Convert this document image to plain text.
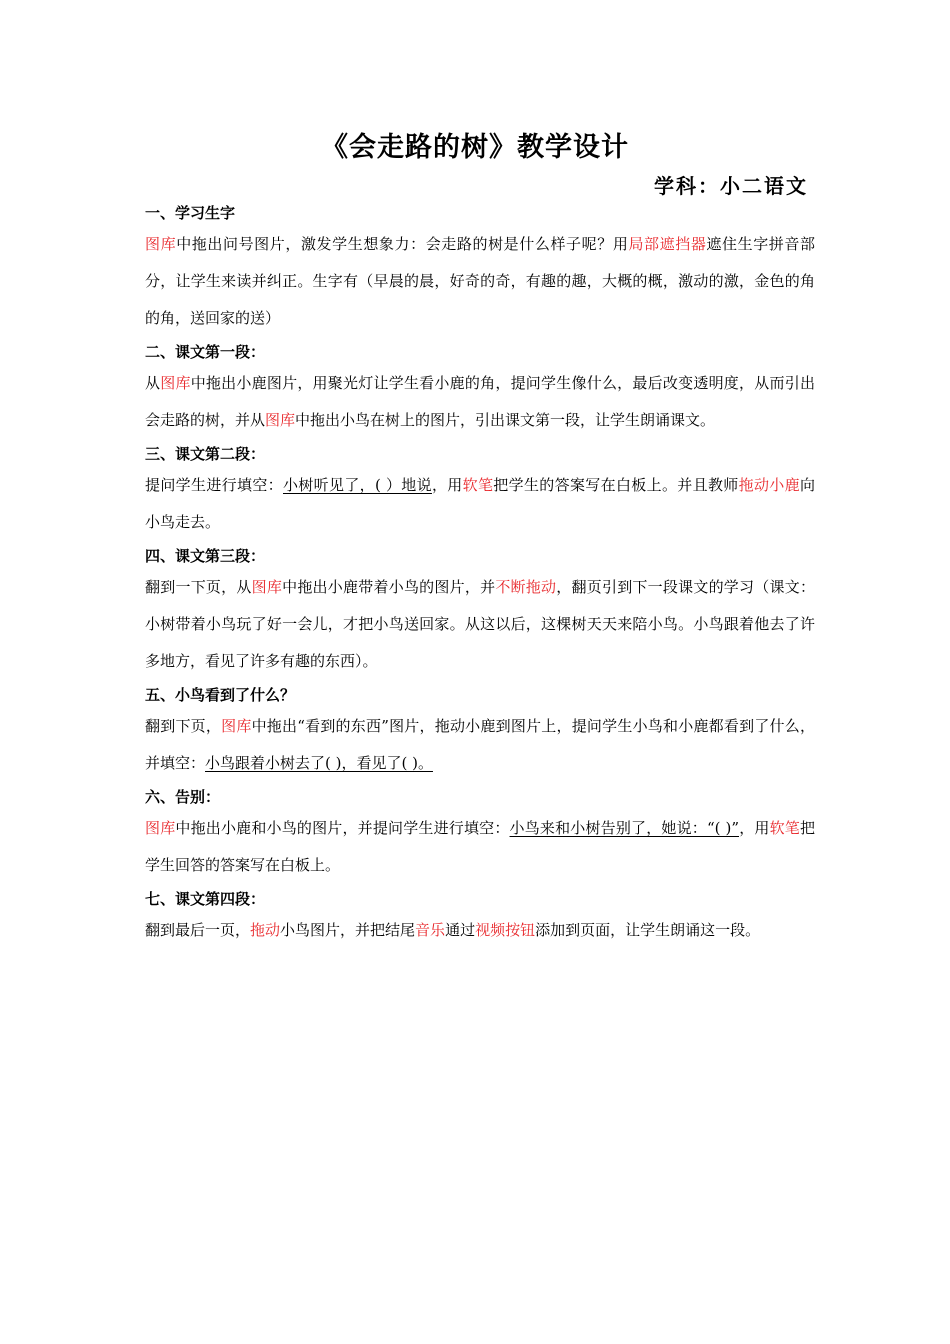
《会走路的树》教学设计
学科：小二语文

一、学习生字

图库中拖出问号图片，激发学生想象力：会走路的树是什么样子呢？用局部遮挡器遮住生字拼音部分，让学生来读并纠正。生字有（早晨的晨，好奇的奇，有趣的趣，大概的概，激动的激，金色的角的角，送回家的送）

二、课文第一段：

从图库中拖出小鹿图片，用聚光灯让学生看小鹿的角，提问学生像什么，最后改变透明度，从而引出会走路的树，并从图库中拖出小鸟在树上的图片，引出课文第一段，让学生朗诵课文。

三、课文第二段：

提问学生进行填空：小树听见了，( ）地说，用软笔把学生的答案写在白板上。并且教师拖动小鹿向小鸟走去。

四、课文第三段：

翻到一下页，从图库中拖出小鹿带着小鸟的图片，并不断拖动，翻页引到下一段课文的学习（课文：小树带着小鸟玩了好一会儿，才把小鸟送回家。从这以后，这棵树天天来陪小鸟。小鸟跟着他去了许多地方，看见了许多有趣的东西）。

五、小鸟看到了什么？

翻到下页，图库中拖出“看到的东西”图片，拖动小鹿到图片上，提问学生小鸟和小鹿都看到了什么，并填空：小鸟跟着小树去了( )，看见了( )。

六、告别：

图库中拖出小鹿和小鸟的图片，并提问学生进行填空：小鸟来和小树告别了，她说：“( )”，用软笔把学生回答的答案写在白板上。

七、课文第四段：

翻到最后一页，拖动小鸟图片，并把结尾音乐通过视频按钮添加到页面，让学生朗诵这一段。
